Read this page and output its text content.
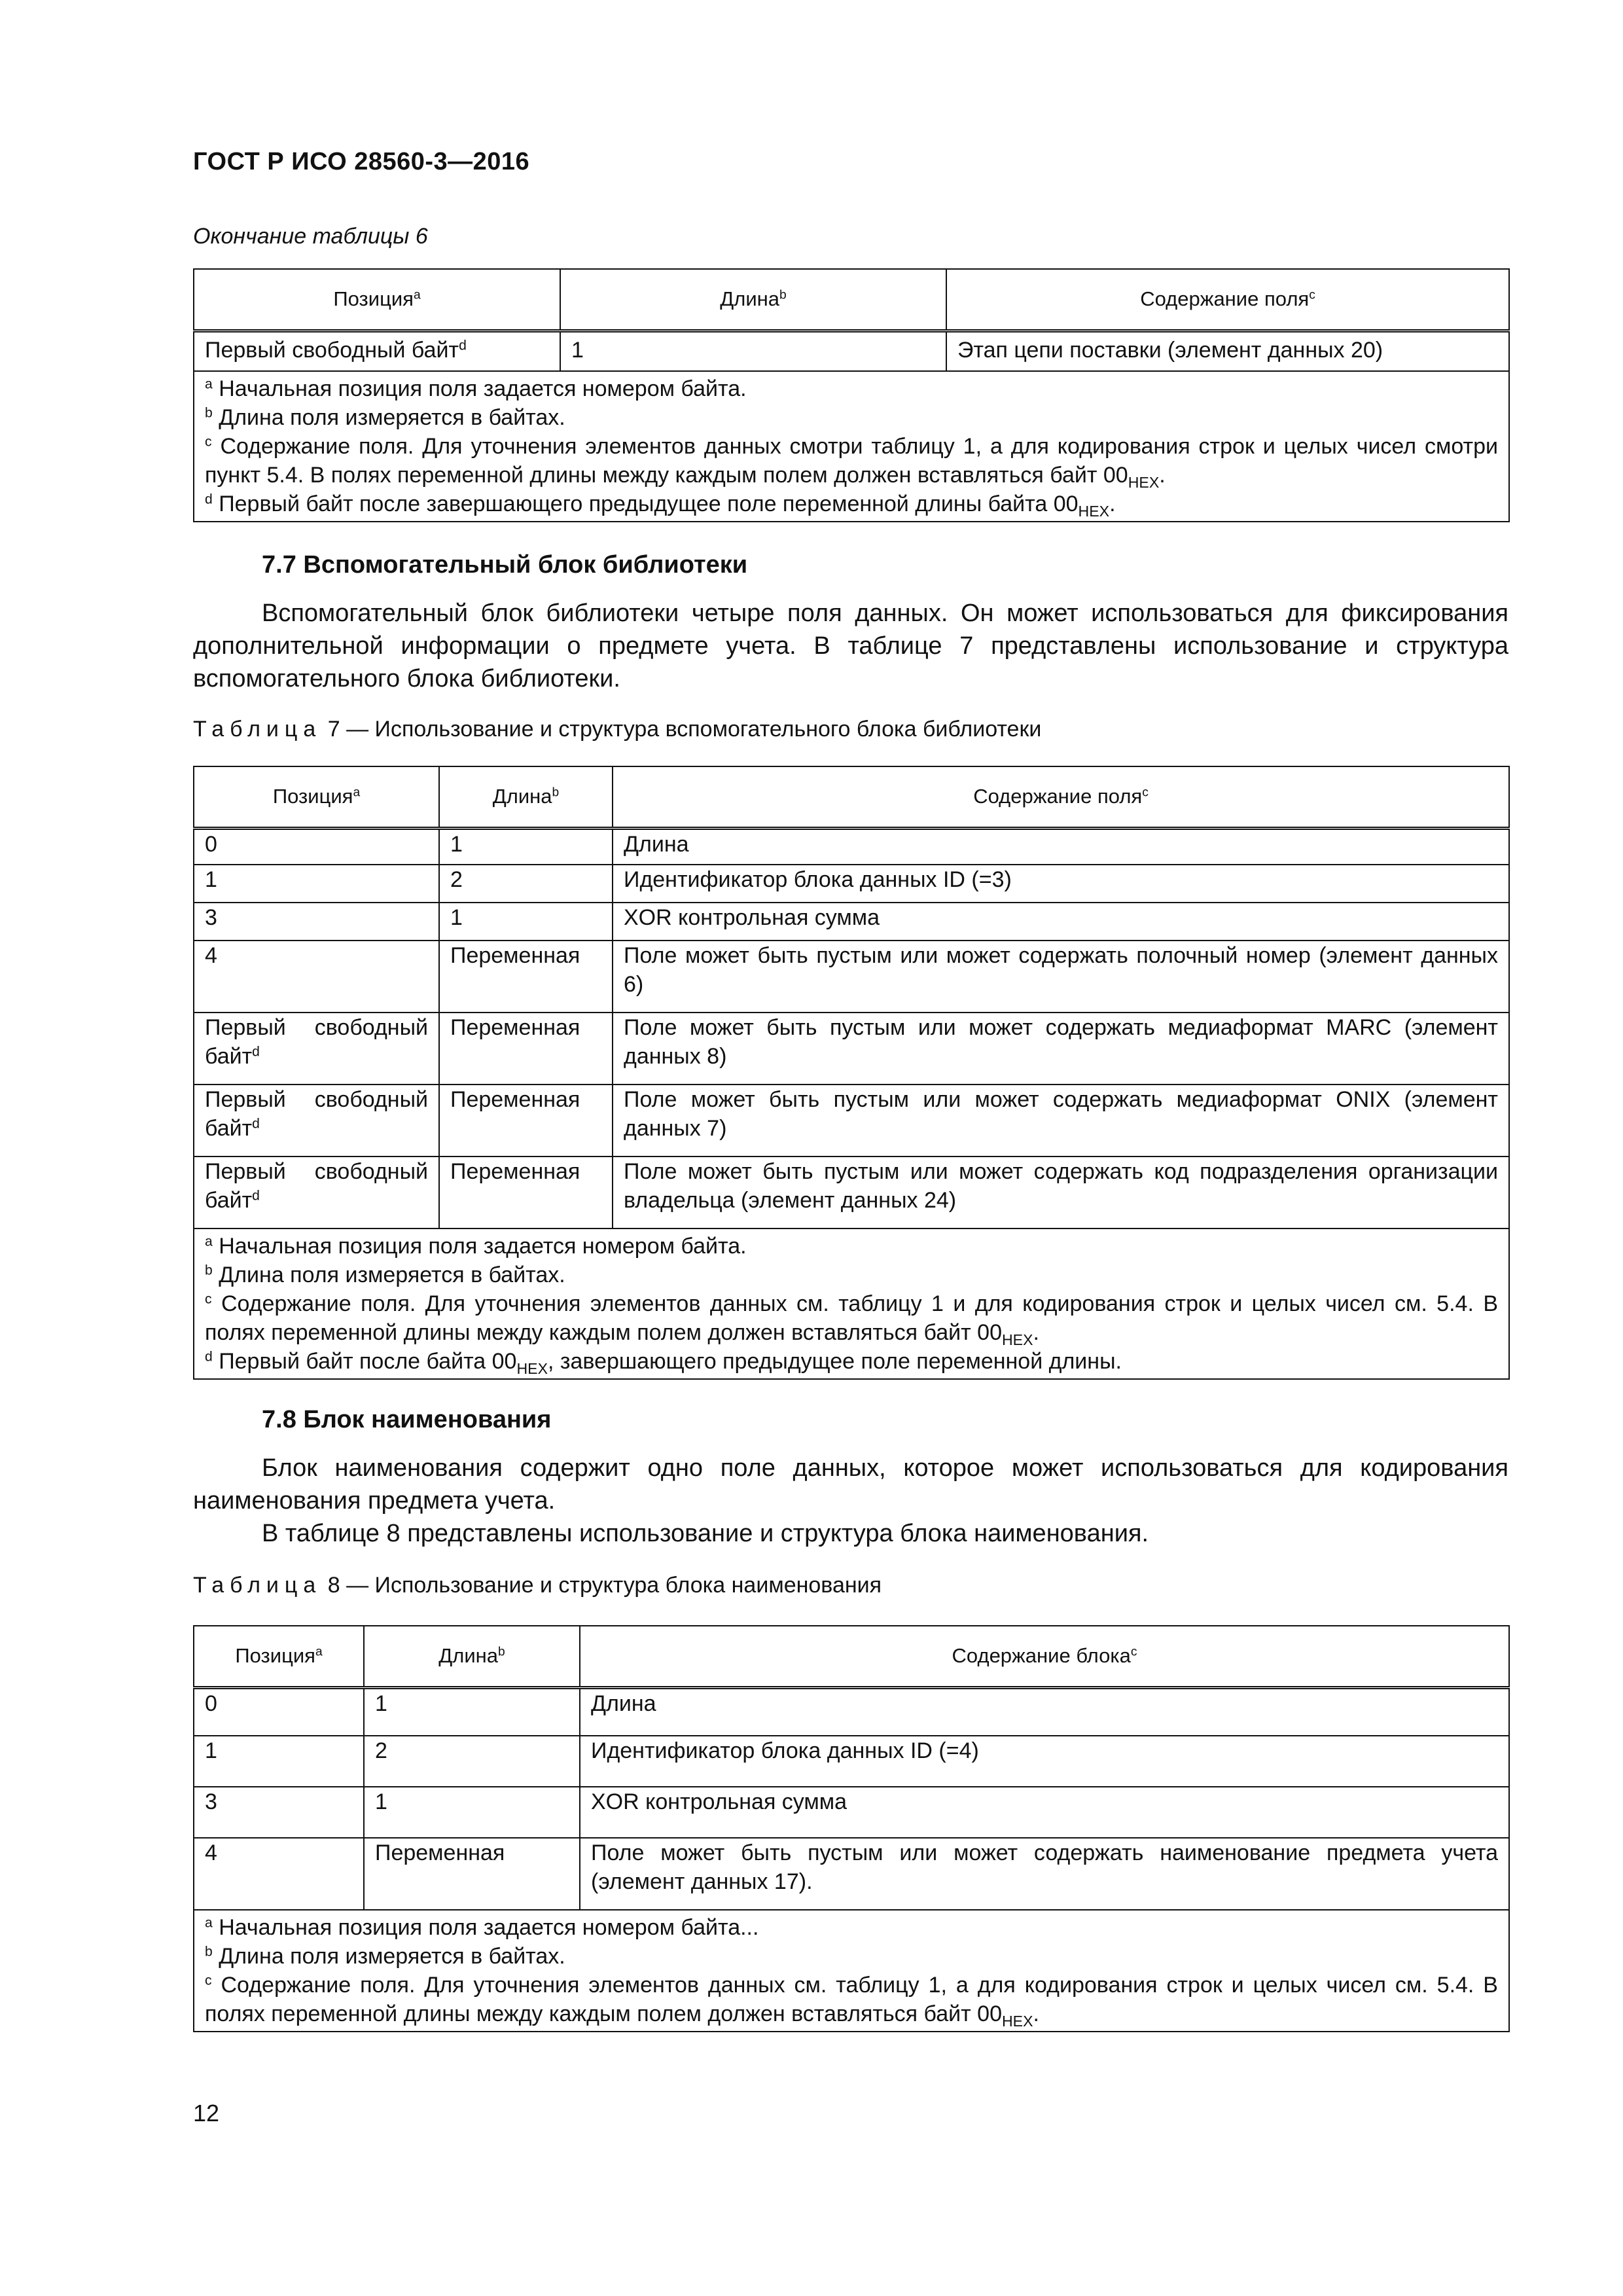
ГОСТ Р ИСО 28560-3—2016
Окончание таблицы 6
Позиция$^a$	Длина$^b$	Содержание поля$^c$
Первый свободный байт$^d$	1	Этап цепи поставки (элемент данных 20)

$^a$ Начальная позиция поля задается номером байта.
$^b$ Длина поля измеряется в байтах.
$^c$ Содержание поля. Для уточнения элементов данных смотри таблицу 1, а для кодирования строк и целых чисел смотри пункт 5.4. В полях переменной длины между каждым полем должен вставляться байт $00_{HEX}$.
$^d$ Первый байт после завершающего предыдущее поле переменной длины байта $00_{HEX}$.		
7.7 Вспомогательный блок библиотеки
Вспомогательный блок библиотеки четыре поля данных. Он может использоваться для фиксирования дополнительной информации о предмете учета. В таблице 7 представлены использование и структура вспомогательного блока библиотеки.
Таблица 7 — Использование и структура вспомогательного блока библиотеки
Позиция$^a$	Длина$^b$	Содержание поля$^c$
0	1	Длина
1	2	Идентификатор блока данных ID (=3)
3	1	XOR контрольная сумма
4	Переменная	Поле может быть пустым или может содержать полочный номер (элемент данных 6)
Первый свободный байт$^d$	Переменная	Поле может быть пустым или может содержать медиаформат MARC (элемент данных 8)
Первый свободный байт$^d$	Переменная	Поле может быть пустым или может содержать медиаформат ONIX (элемент данных 7)
Первый свободный байт$^d$	Переменная	Поле может быть пустым или может содержать код подразделения организации владельца (элемент данных 24)

$^a$ Начальная позиция поля задается номером байта.
$^b$ Длина поля измеряется в байтах.
$^c$ Содержание поля. Для уточнения элементов данных см. таблицу 1 и для кодирования строк и целых чисел см. 5.4. В полях переменной длины между каждым полем должен вставляться байт $00_{HEX}$.
$^d$ Первый байт после байта $00_{HEX}$, завершающего предыдущее поле переменной длины.		
7.8 Блок наименования
Блок наименования содержит одно поле данных, которое может использоваться для кодирования наименования предмета учета.
В таблице 8 представлены использование и структура блока наименования.
Таблица 8 — Использование и структура блока наименования
Позиция$^a$	Длина$^b$	Содержание блока$^c$
0	1	Длина
1	2	Идентификатор блока данных ID (=4)
3	1	XOR контрольная сумма
4	Переменная	Поле может быть пустым или может содержать наименование предмета учета (элемент данных 17).

$^a$ Начальная позиция поля задается номером байта...
$^b$ Длина поля измеряется в байтах.
$^c$ Содержание поля. Для уточнения элементов данных см. таблицу 1, а для кодирования строк и целых чисел см. 5.4. В полях переменной длины между каждым полем должен вставляться байт $00_{HEX}$.		
12
